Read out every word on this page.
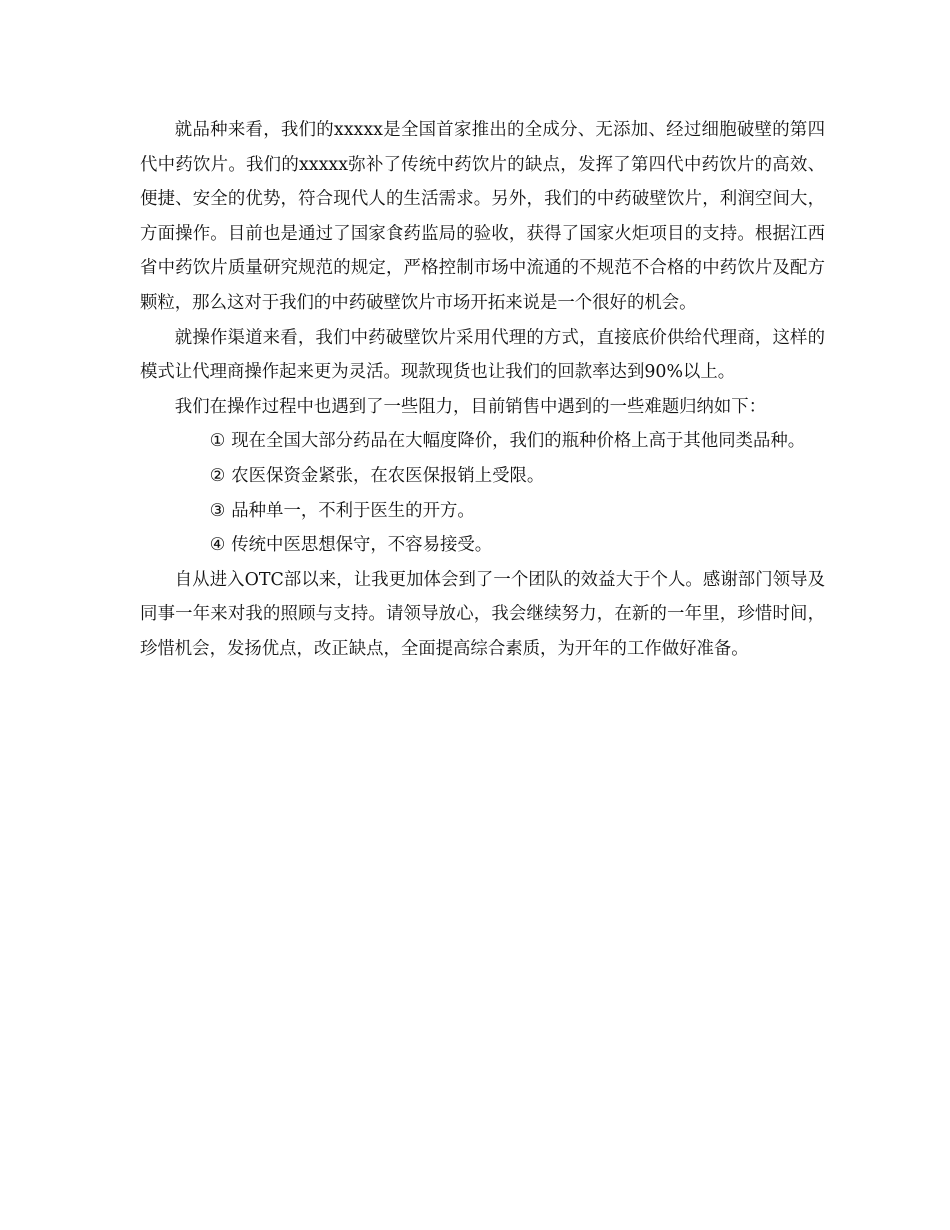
就品种来看，我们的xxxxx是全国首家推出的全成分、无添加、经过细胞破壁的第四代中药饮片。我们的xxxxx弥补了传统中药饮片的缺点，发挥了第四代中药饮片的高效、便捷、安全的优势，符合现代人的生活需求。另外，我们的中药破壁饮片，利润空间大，方面操作。目前也是通过了国家食药监局的验收，获得了国家火炬项目的支持。根据江西省中药饮片质量研究规范的规定，严格控制市场中流通的不规范不合格的中药饮片及配方颗粒，那么这对于我们的中药破壁饮片市场开拓来说是一个很好的机会。

就操作渠道来看，我们中药破壁饮片采用代理的方式，直接底价供给代理商，这样的模式让代理商操作起来更为灵活。现款现货也让我们的回款率达到90%以上。

我们在操作过程中也遇到了一些阻力，目前销售中遇到的一些难题归纳如下：

① 现在全国大部分药品在大幅度降价，我们的瓶种价格上高于其他同类品种。

② 农医保资金紧张，在农医保报销上受限。

③ 品种单一，不利于医生的开方。

④ 传统中医思想保守，不容易接受。

自从进入OTC部以来，让我更加体会到了一个团队的效益大于个人。感谢部门领导及同事一年来对我的照顾与支持。请领导放心，我会继续努力，在新的一年里，珍惜时间，珍惜机会，发扬优点，改正缺点，全面提高综合素质，为开年的工作做好准备。
